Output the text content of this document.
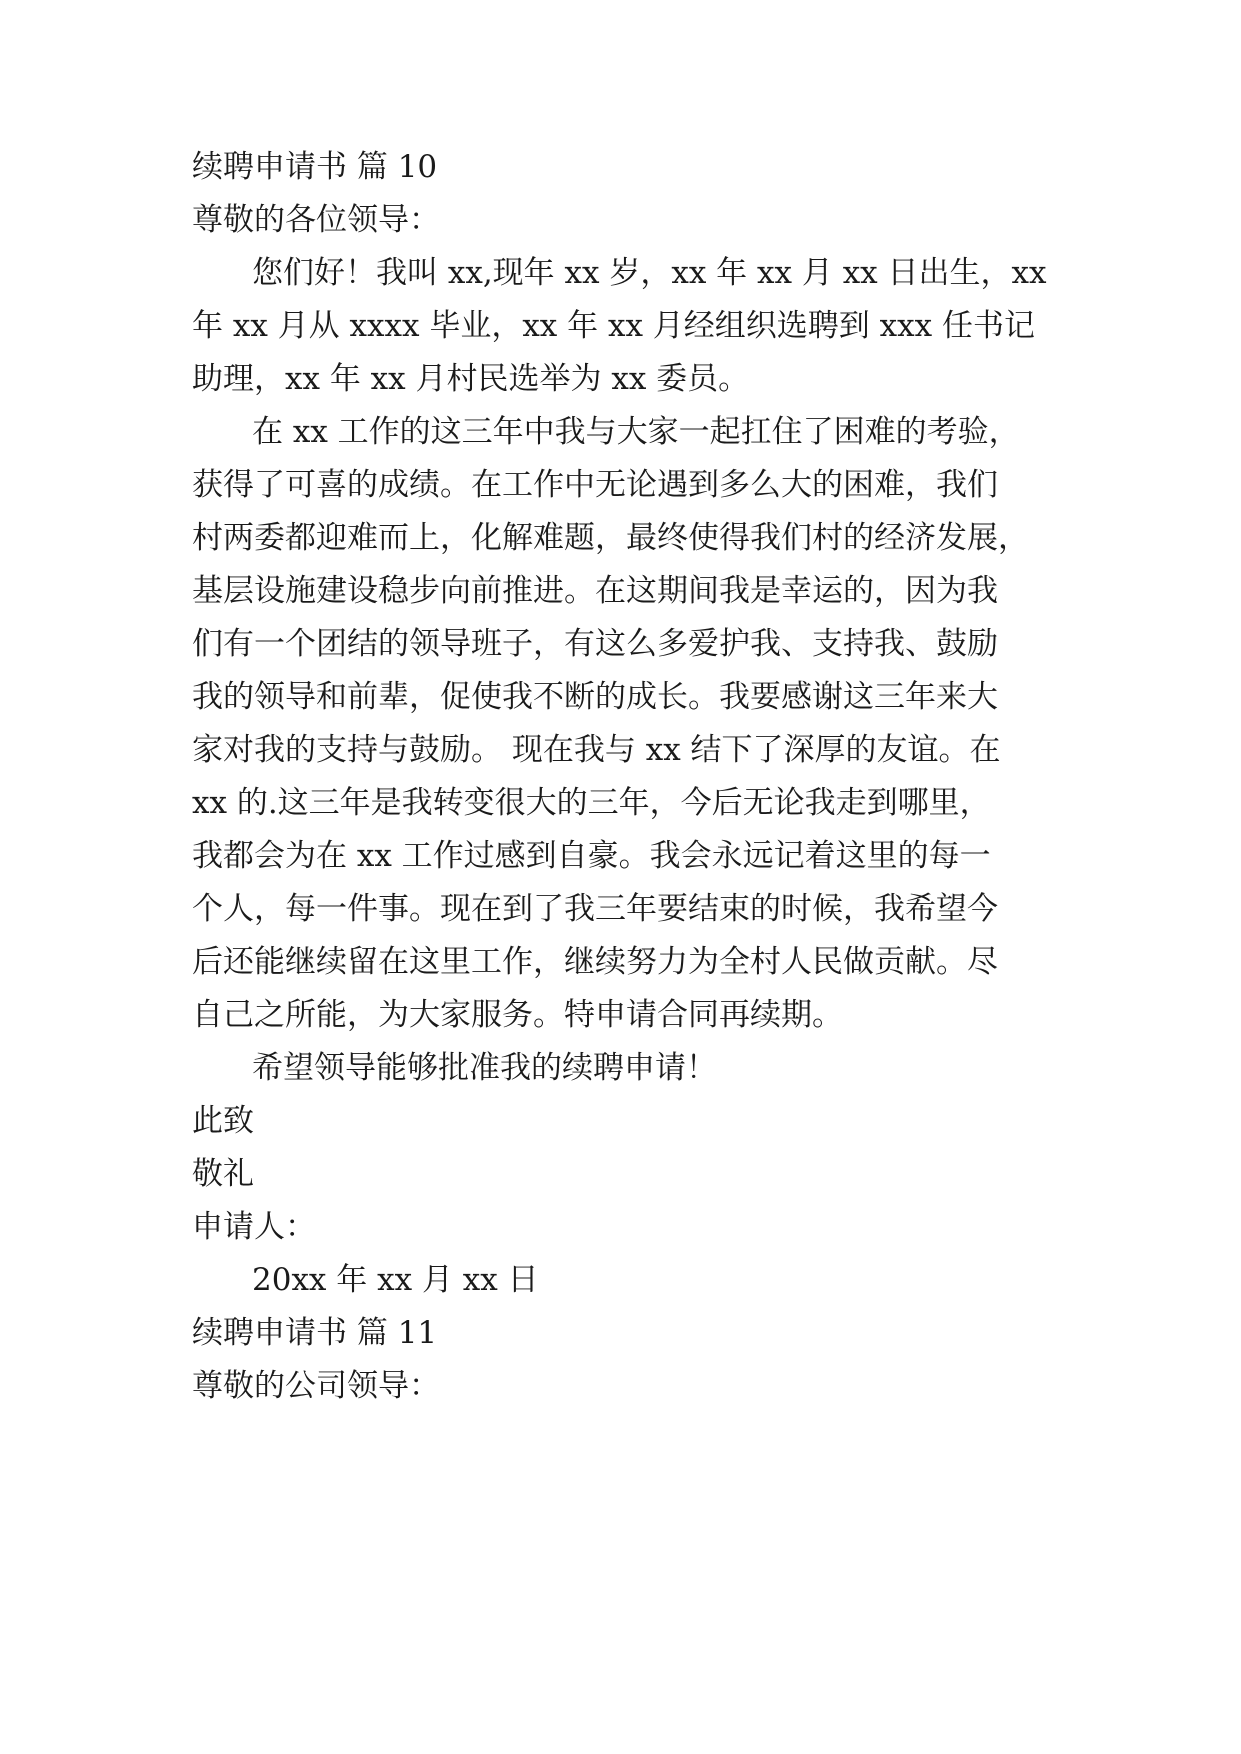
续聘申请书 篇 10
尊敬的各位领导：
您们好！我叫 xx,现年 xx 岁，xx 年 xx 月 xx 日出生，xx
年 xx 月从 xxxx 毕业，xx 年 xx 月经组织选聘到 xxx 任书记
助理，xx 年 xx 月村民选举为 xx 委员。
在 xx 工作的这三年中我与大家一起扛住了困难的考验，
获得了可喜的成绩。在工作中无论遇到多么大的困难，我们
村两委都迎难而上，化解难题，最终使得我们村的经济发展，
基层设施建设稳步向前推进。在这期间我是幸运的，因为我
们有一个团结的领导班子，有这么多爱护我、支持我、鼓励
我的领导和前辈，促使我不断的成长。我要感谢这三年来大
家对我的支持与鼓励。 现在我与 xx 结下了深厚的友谊。在
xx 的.这三年是我转变很大的三年，今后无论我走到哪里，
我都会为在 xx 工作过感到自豪。我会永远记着这里的每一
个人，每一件事。现在到了我三年要结束的时候，我希望今
后还能继续留在这里工作，继续努力为全村人民做贡献。尽
自己之所能，为大家服务。特申请合同再续期。
希望领导能够批准我的续聘申请！
此致
敬礼
申请人：
20xx 年 xx 月 xx 日
续聘申请书 篇 11
尊敬的公司领导：
